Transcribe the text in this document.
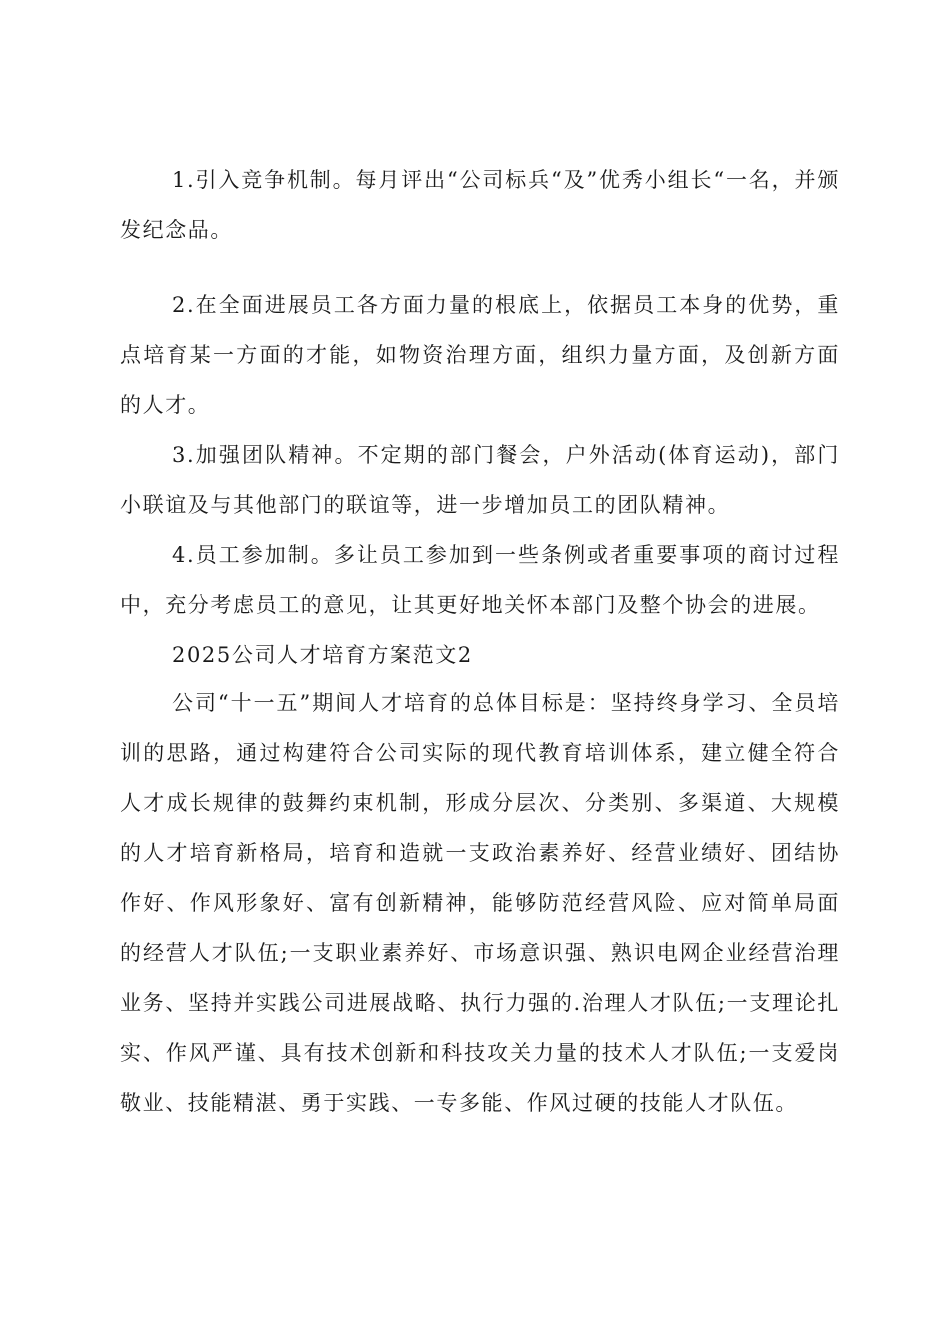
1.引入竞争机制。每月评出“公司标兵“及”优秀小组长“一名，并颁发纪念品。

2.在全面进展员工各方面力量的根底上，依据员工本身的优势，重点培育某一方面的才能，如物资治理方面，组织力量方面，及创新方面的人才。

3.加强团队精神。不定期的部门餐会，户外活动(体育运动)，部门小联谊及与其他部门的联谊等，进一步增加员工的团队精神。

4.员工参加制。多让员工参加到一些条例或者重要事项的商讨过程中，充分考虑员工的意见，让其更好地关怀本部门及整个协会的进展。

2025公司人才培育方案范文2

公司“十一五”期间人才培育的总体目标是：坚持终身学习、全员培训的思路，通过构建符合公司实际的现代教育培训体系，建立健全符合人才成长规律的鼓舞约束机制，形成分层次、分类别、多渠道、大规模的人才培育新格局，培育和造就一支政治素养好、经营业绩好、团结协作好、作风形象好、富有创新精神，能够防范经营风险、应对简单局面的经营人才队伍;一支职业素养好、市场意识强、熟识电网企业经营治理业务、坚持并实践公司进展战略、执行力强的.治理人才队伍;一支理论扎实、作风严谨、具有技术创新和科技攻关力量的技术人才队伍;一支爱岗敬业、技能精湛、勇于实践、一专多能、作风过硬的技能人才队伍。
